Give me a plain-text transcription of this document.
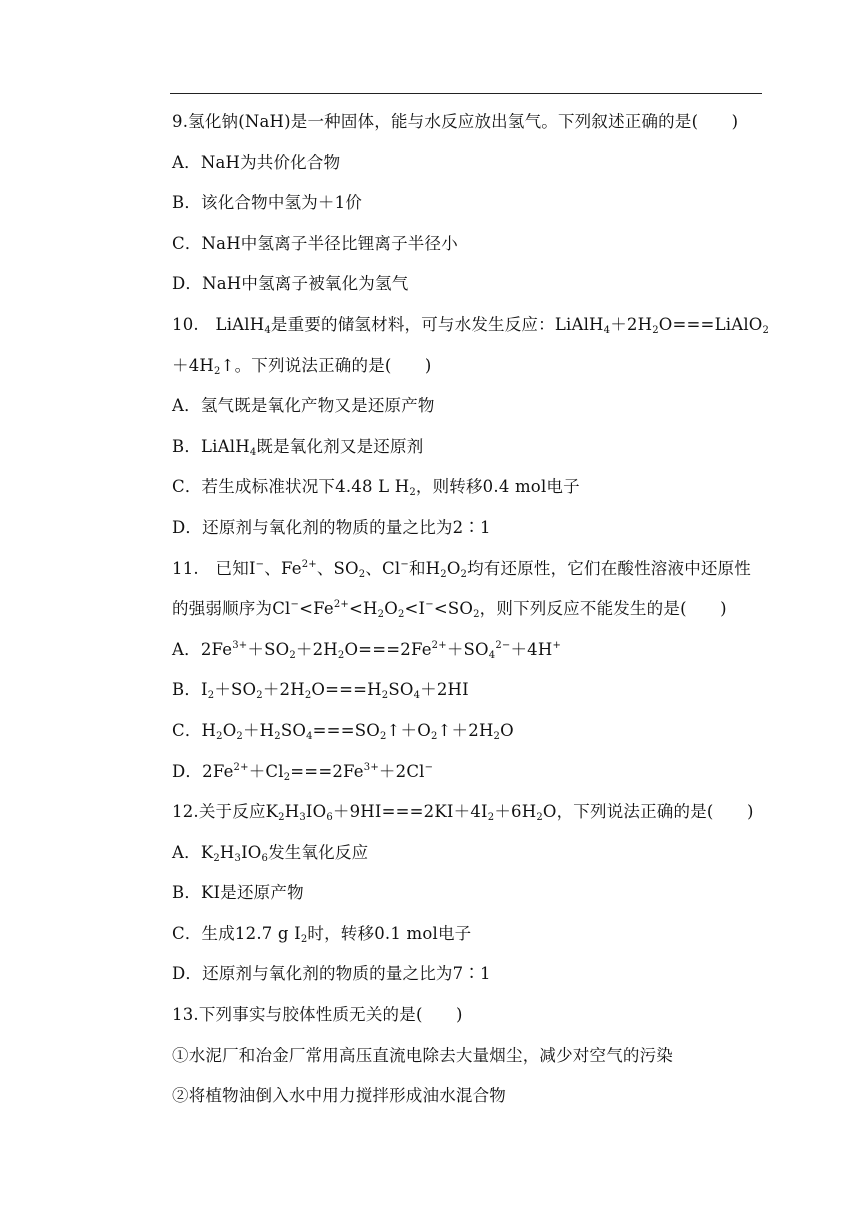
9.氢化钠(NaH)是一种固体，能与水反应放出氢气。下列叙述正确的是(　　)
A．NaH为共价化合物
B．该化合物中氢为＋1价
C．NaH中氢离子半径比锂离子半径小
D．NaH中氢离子被氧化为氢气
10.　LiAlH$_4$是重要的储氢材料，可与水发生反应：$LiAlH_4+2H_2O===LiAlO_2$
$+4H_2↑$。下列说法正确的是(　　)
A．氢气既是氧化产物又是还原产物
B．LiAlH$_4$既是氧化剂又是还原剂
C．若生成标准状况下4.48 L $H_2$，则转移0.4 mol电子
D．还原剂与氧化剂的物质的量之比为2∶1
11.　已知I−、$Fe^{2+}$、$SO_2$、Cl−和$H_2O_2$均有还原性，它们在酸性溶液中还原性
的强弱顺序为$Cl^-<Fe^{2+}<H_2O_2<I^-<SO_2$，则下列反应不能发生的是(　　)
A．$2Fe^{3+}+SO_2+2H_2O===2Fe^{2+}+SO_4^{2-}+4H^+$
B．$I_2+SO_2+2H_2O===H_2SO_4+2HI$
C．$H_2O_2+H_2SO_4===SO_2↑+O_2↑+2H_2O$
D．$2Fe^{2+}+Cl_2===2Fe^{3+}+2Cl^-$
12.关于反应$K_2H_3IO_6+9HI===2KI+4I_2+6H_2O$，下列说法正确的是(　　)
A．$K_2H_3IO_6$发生氧化反应
B．KI是还原产物
C．生成12.7 g $I_2$时，转移0.1 mol电子
D．还原剂与氧化剂的物质的量之比为7∶1
13.下列事实与胶体性质无关的是(　　)
①水泥厂和冶金厂常用高压直流电除去大量烟尘，减少对空气的污染
②将植物油倒入水中用力搅拌形成油水混合物
